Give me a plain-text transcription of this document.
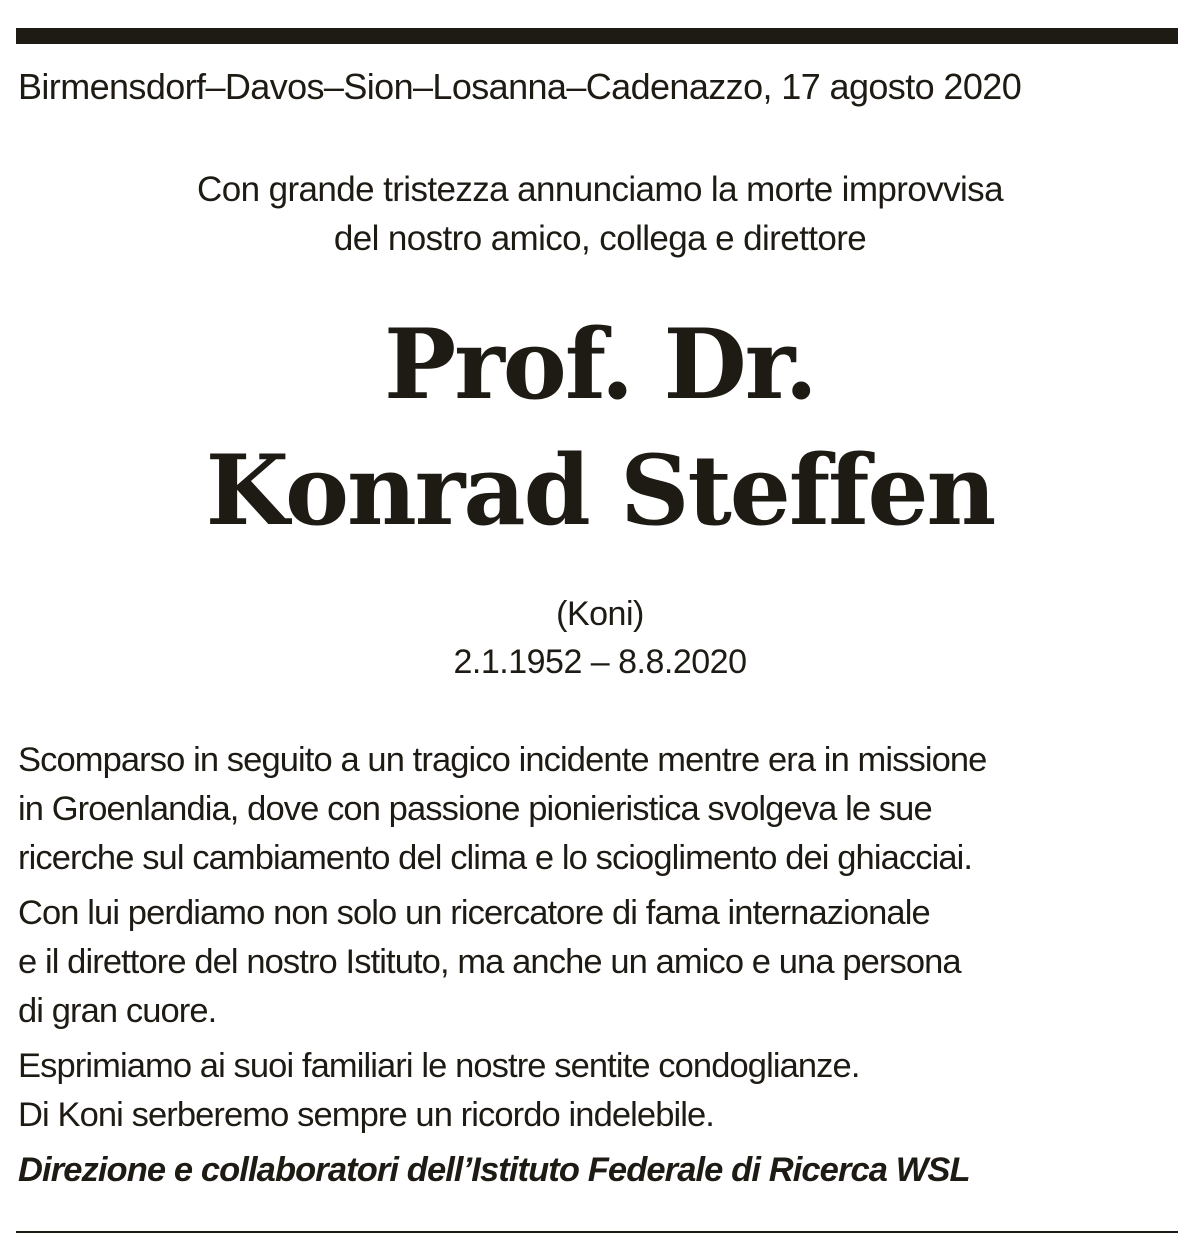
Birmensdorf–Davos–Sion–Losanna–Cadenazzo, 17 agosto 2020
Con grande tristezza annunciamo la morte improvvisa
del nostro amico, collega e direttore
Prof. Dr.
Konrad Steffen
(Koni)
2.1.1952 – 8.8.2020

Scomparso in seguito a un tragico incidente mentre era in missione
in Groenlandia, dove con passione pionieristica svolgeva le sue
ricerche sul cambiamento del clima e lo scioglimento dei ghiacciai.

Con lui perdiamo non solo un ricercatore di fama internazionale
e il direttore del nostro Istituto, ma anche un amico e una persona
di gran cuore.

Esprimiamo ai suoi familiari le nostre sentite condoglianze.
Di Koni serberemo sempre un ricordo indelebile.

Direzione e collaboratori dell’Istituto Federale di Ricerca WSL
